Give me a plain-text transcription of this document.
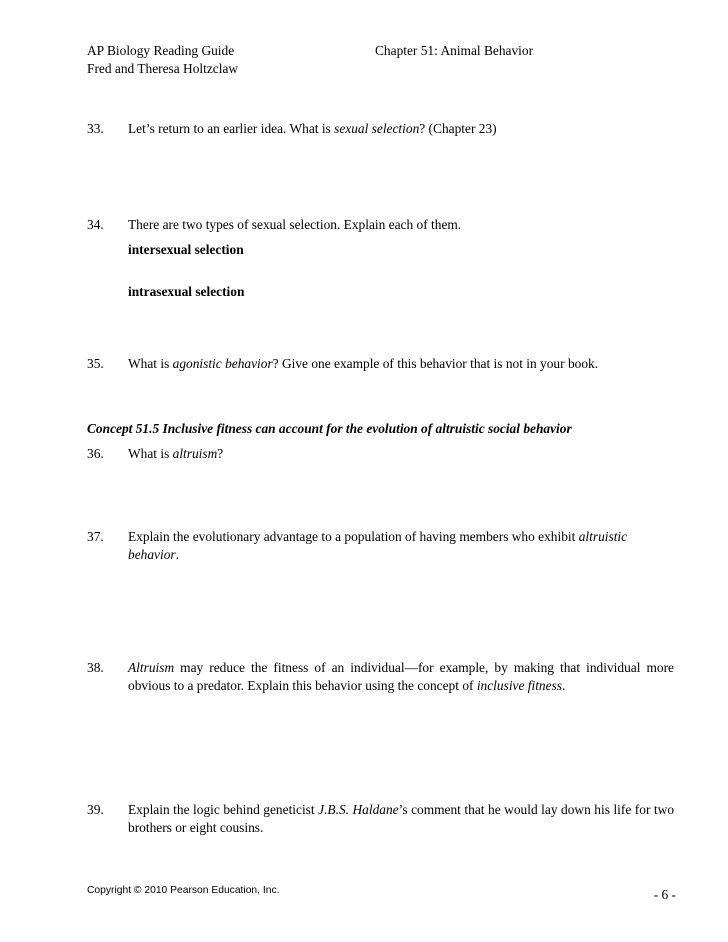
AP Biology Reading Guide
Fred and Theresa Holtzclaw
Chapter 51: Animal Behavior
33. Let’s return to an earlier idea. What is sexual selection? (Chapter 23)
34. There are two types of sexual selection. Explain each of them.
intersexual selection
intrasexual selection
35. What is agonistic behavior? Give one example of this behavior that is not in your book.
Concept 51.5 Inclusive fitness can account for the evolution of altruistic social behavior
36. What is altruism?
37. Explain the evolutionary advantage to a population of having members who exhibit altruistic behavior.
38. Altruism may reduce the fitness of an individual—for example, by making that individual more obvious to a predator. Explain this behavior using the concept of inclusive fitness.
39. Explain the logic behind geneticist J.B.S. Haldane’s comment that he would lay down his life for two brothers or eight cousins.
Copyright © 2010 Pearson Education, Inc.	- 6 -
